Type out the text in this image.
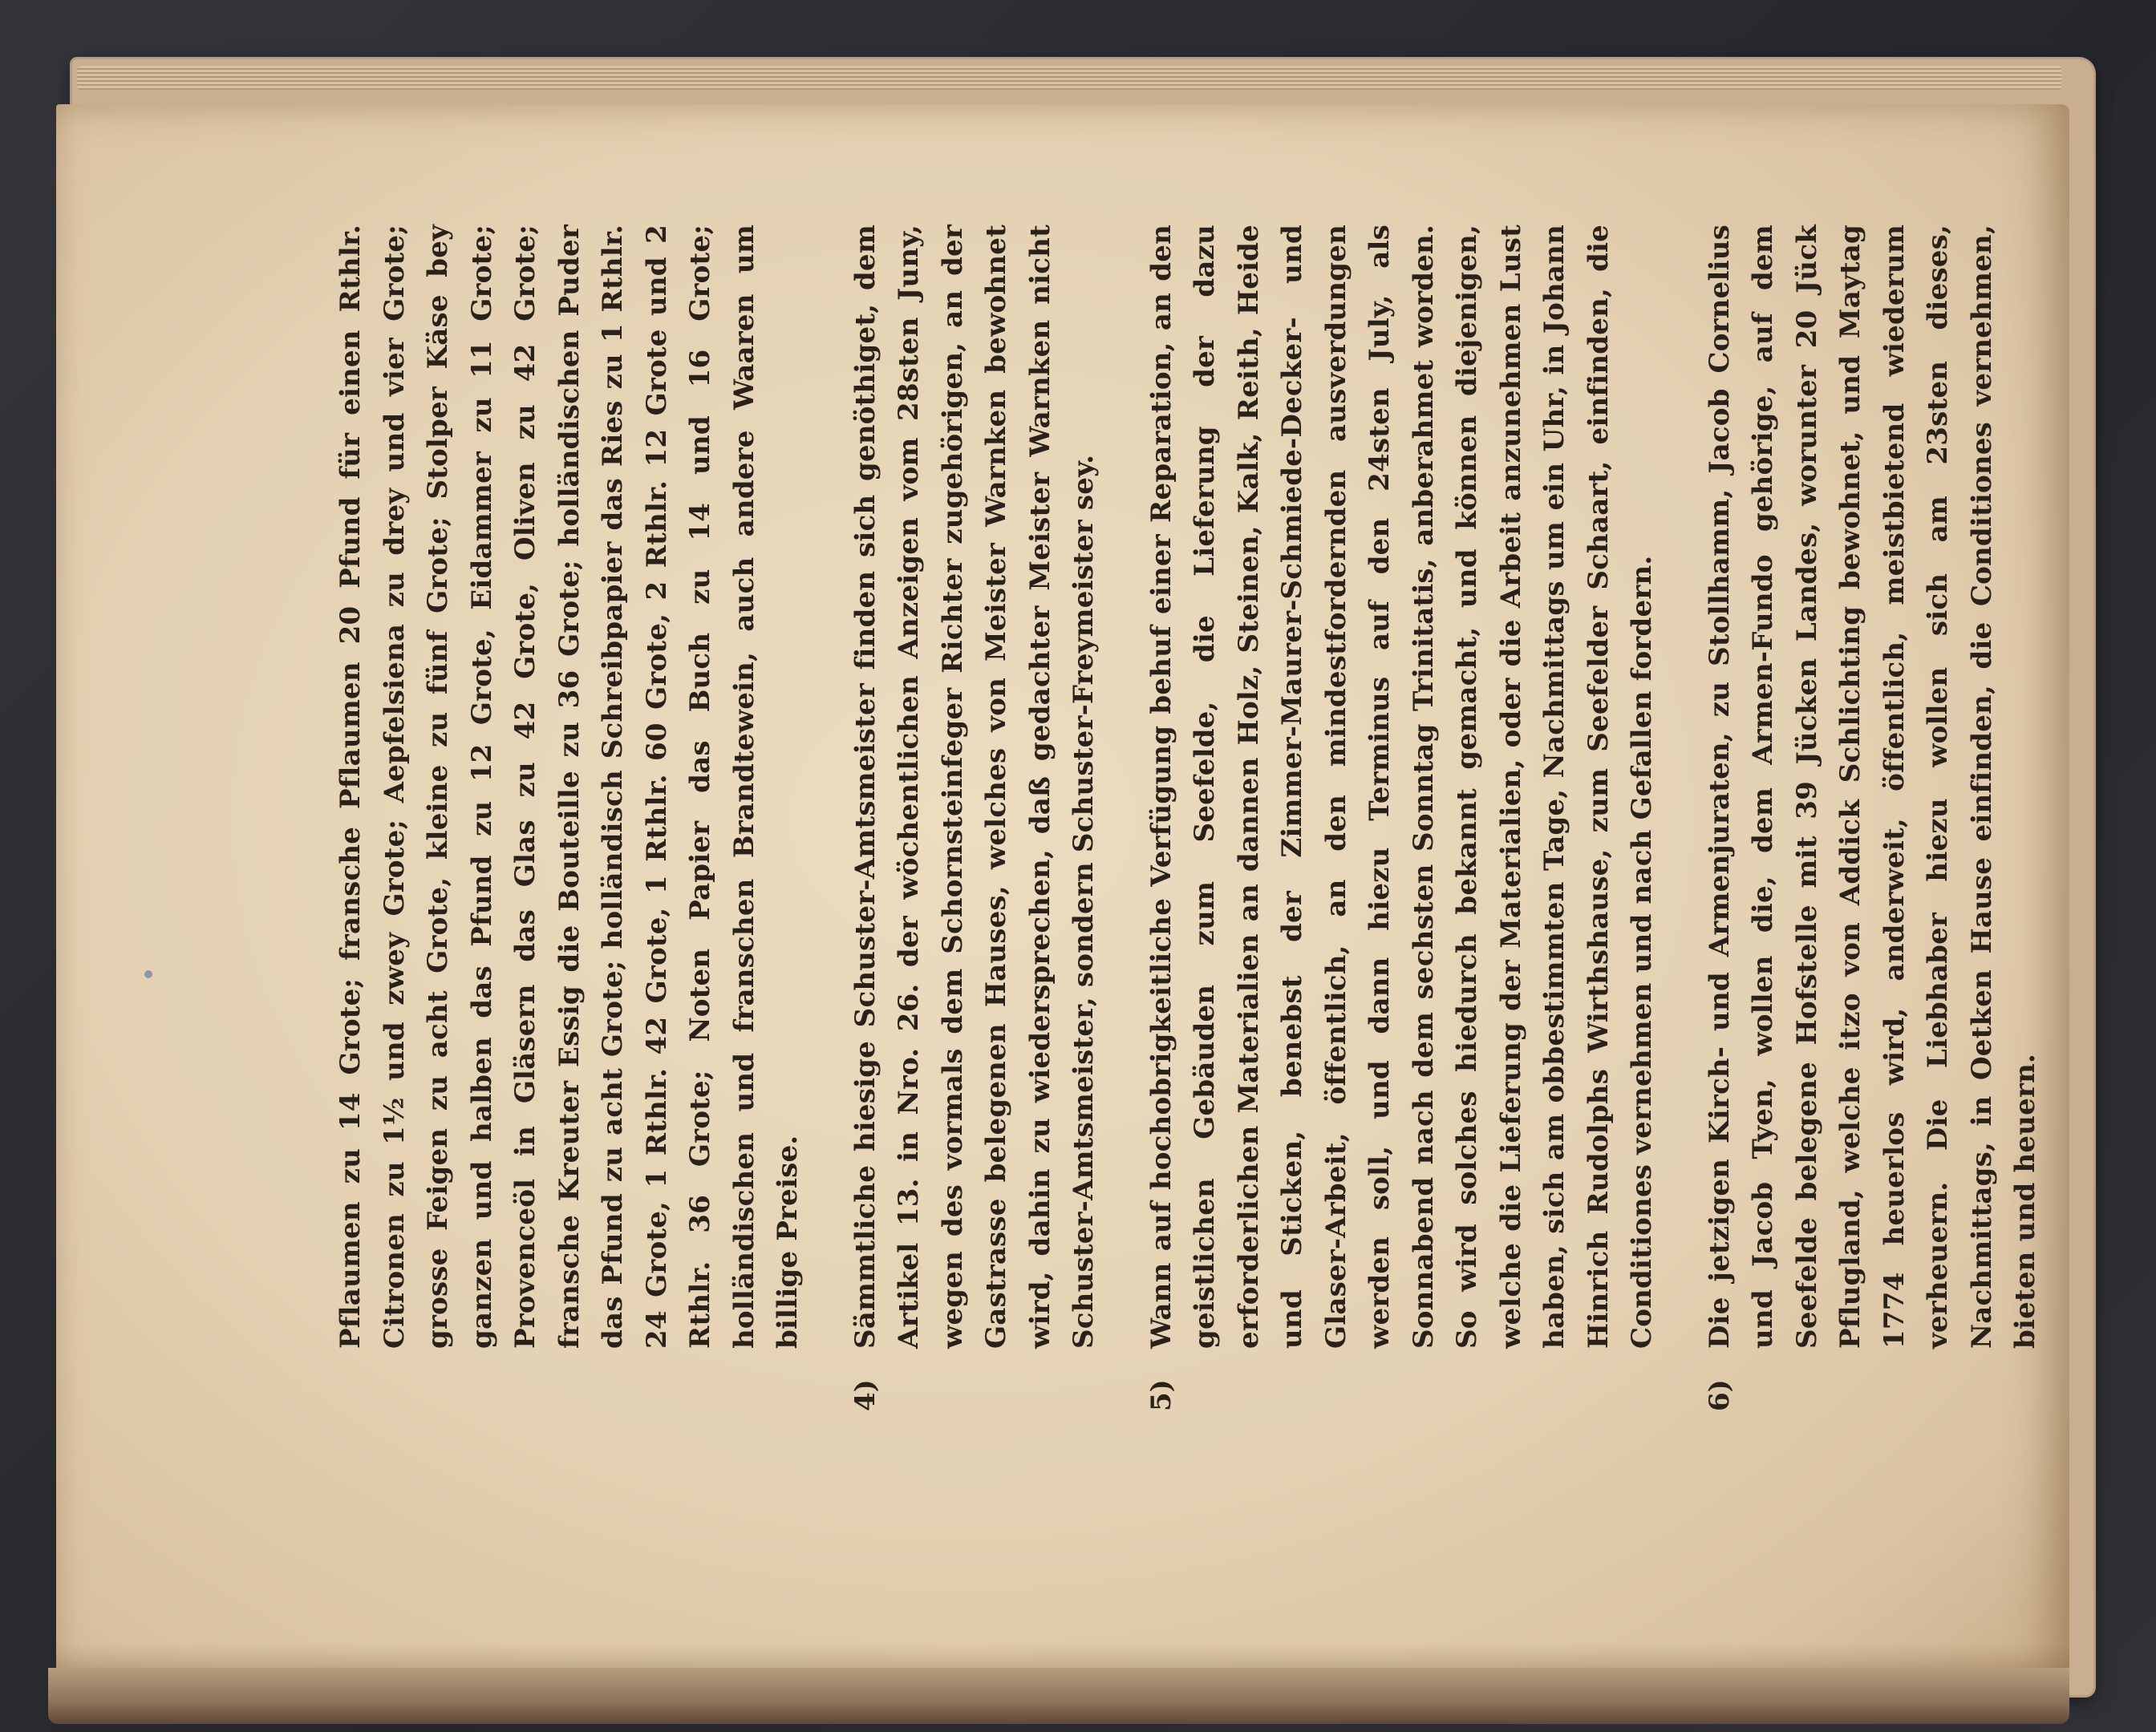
Pflaumen zu 14 Grote; fransche Pflaumen 20 Pfund für einen Rthlr. Citronen zu 1½ und zwey Grote; Aepfelsiena zu drey und vier Grote; grosse Feigen zu acht Grote, kleine zu fünf Grote; Stolper Käse bey ganzen und halben das Pfund zu 12 Grote, Eidammer zu 11 Grote; Provenceöl in Gläsern das Glas zu 42 Grote, Oliven zu 42 Grote; fransche Kreuter Essig die Bouteille zu 36 Grote; holländischen Puder das Pfund zu acht Grote; holländisch Schreibpapier das Ries zu 1 Rthlr. 24 Grote, 1 Rthlr. 42 Grote, 1 Rthlr. 60 Grote, 2 Rthlr. 12 Grote und 2 Rthlr. 36 Grote; Noten Papier das Buch zu 14 und 16 Grote; holländischen und franschen Brandtewein, auch andere Waaren um billige Preise.
4)
Sämmtliche hiesige Schuster-Amtsmeister finden sich genöthiget, dem Artikel 13. in Nro. 26. der wöchentlichen Anzeigen vom 28sten Juny, wegen des vormals dem Schornsteinfeger Richter zugehörigen, an der Gastrasse belegenen Hauses, welches von Meister Warnken bewohnet wird, dahin zu wiedersprechen, daß gedachter Meister Warnken nicht Schuster-Amtsmeister, sondern Schuster-Freymeister sey.
5)
Wann auf hochobrigkeitliche Verfügung behuf einer Reparation, an den geistlichen Gebäuden zum Seefelde, die Lieferung der dazu erforderlichen Materialien an dannen Holz, Steinen, Kalk, Reith, Heide und Sticken, benebst der Zimmer-Maurer-Schmiede-Decker- und Glaser-Arbeit, öffentlich, an den mindestfordernden ausverdungen werden soll, und dann hiezu Terminus auf den 24sten July, als Sonnabend nach dem sechsten Sonntag Trinitatis, anberahmet worden. So wird solches hiedurch bekannt gemacht, und können diejenigen, welche die Lieferung der Materialien, oder die Arbeit anzunehmen Lust haben, sich am obbestimmten Tage, Nachmittags um ein Uhr, in Johann Hinrich Rudolphs Wirthshause, zum Seefelder Schaart, einfinden, die Conditiones vernehmen und nach Gefallen fordern.
6)
Die jetzigen Kirch- und Armenjuraten, zu Stollhamm, Jacob Cornelius und Jacob Tyen, wollen die, dem Armen-Fundo gehörige, auf dem Seefelde belegene Hofstelle mit 39 Jücken Landes, worunter 20 Jück Pflugland, welche itzo von Addick Schlichting bewohnet, und Maytag 1774 heuerlos wird, anderweit, öffentlich, meistbietend wiederum verheuern. Die Liebhaber hiezu wollen sich am 23sten dieses, Nachmittags, in Oetken Hause einfinden, die Conditiones vernehmen, bieten und heuern.
